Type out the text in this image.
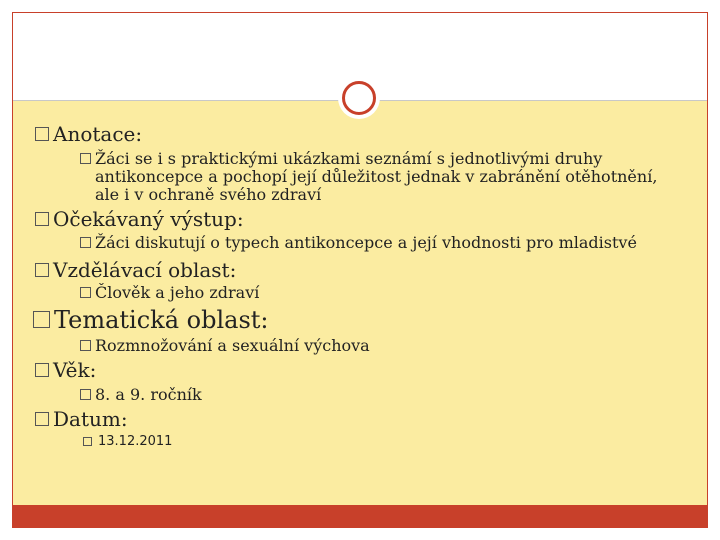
Anotace:
Žáci se i s praktickými ukázkami seznámí s jednotlivými druhy
antikoncepce a pochopí její důležitost jednak v zabránění otěhotnění,
ale i v ochraně svého zdraví
Očekávaný výstup:
Žáci diskutují o typech antikoncepce a její vhodnosti pro mladistvé
Vzdělávací oblast:
Člověk a jeho zdraví
Tematická oblast:
Rozmnožování a sexuální výchova
Věk:
8. a 9. ročník
Datum:
13.12.2011
